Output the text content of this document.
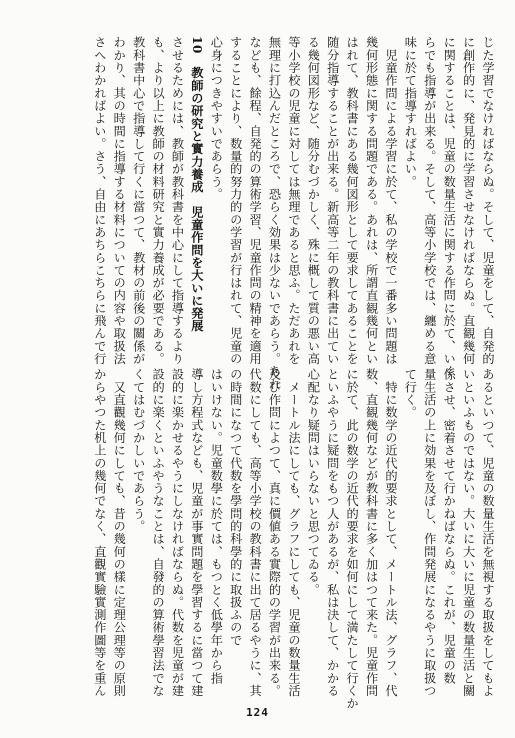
じた学習でなければならぬ。そして、児童をして、自発的
に創作的に、発見的に学習させなければならぬ。直観幾何
に関することは、児童の数量生活に関する作問に於て、いく
らでも指導が出来る。そして、高等小学校では、纏める意
味に於て指導すればよい。
　児童作問による学習に於て、私の学校で一番多い問題は
幾何形態に関する問題である。あれは、所謂直観幾何とい
はれて、教科書にある幾何図形として要求してあることを
随分指導することが出来る。新高等二年の教科書に出てい
る幾何図形など、随分むづかしく、殊に概して質の悪い高
等小学校の児童に対しては無理であると思ふ。ただあれを
無理に打込んだところで、恐らく効果は少ないであらう。あれ
なども、餘程、自発的の算術学習、児童作問の精神を適用
することにより、数量的努力的の学習が行はれて、児童の
心身につきやすいであらう。
10　教師の研究と實力養成　児童作問を大いに発展
させるためには、教師が教科書を中心にして指導するより
も、より以上に教師の材料研究と實力養成が必要である。
教科書中心で指導して行くに當つて、教材の前後の關係が
わかり、其の時間に指導する材料についての内容や取扱法
さへわかればよい。さう、自由にあちらこちらに飛んで行
あるといつて、児童の数量生活を無視する取扱をしてもよ
いといふものではない。大いに大いに児童の数量生活と關
係させ、密着させて行かねばならぬ。これが、児童の数
量生活の上に効果を及ぼし、作問発展になるやうに取扱つ
て行く。
　特に数学の近代的要求として、メートル法、グラフ、代
数、直観幾何などが教科書に多く加はつて来た。児童作問
に於て、此の数学の近代的要求を如何にして満たして行くか
といふやうに疑問をもつ人があるが、私は決して、かかる
心配なり疑問はいらないと思つてゐる。
　メートル法にしても、グラフにしても、児童の数量生活
及び作問によつて、真に價値ある實際的の学習が出来る。
代数にしても、高等小学校の教科書に出て居るやうに、其
の時間になつて代数を學問的科學的に取扱ふので
はいけない。児童数學に於ては、もつとく低學年から指
導し方程式なども、児童が事實問題を學習するに當つて建
設的に楽かせるやうにしなければならぬ。代数を児童が建
設的に楽くといふやうなことは、自發的の算術學習法でな
くてはむづかしいであらう。
　又直觀幾何にしても、昔の幾何の樣に定理公理等の原則
からやつた机上の幾何でなく、直觀實驗實測作圖等を重ん
124
